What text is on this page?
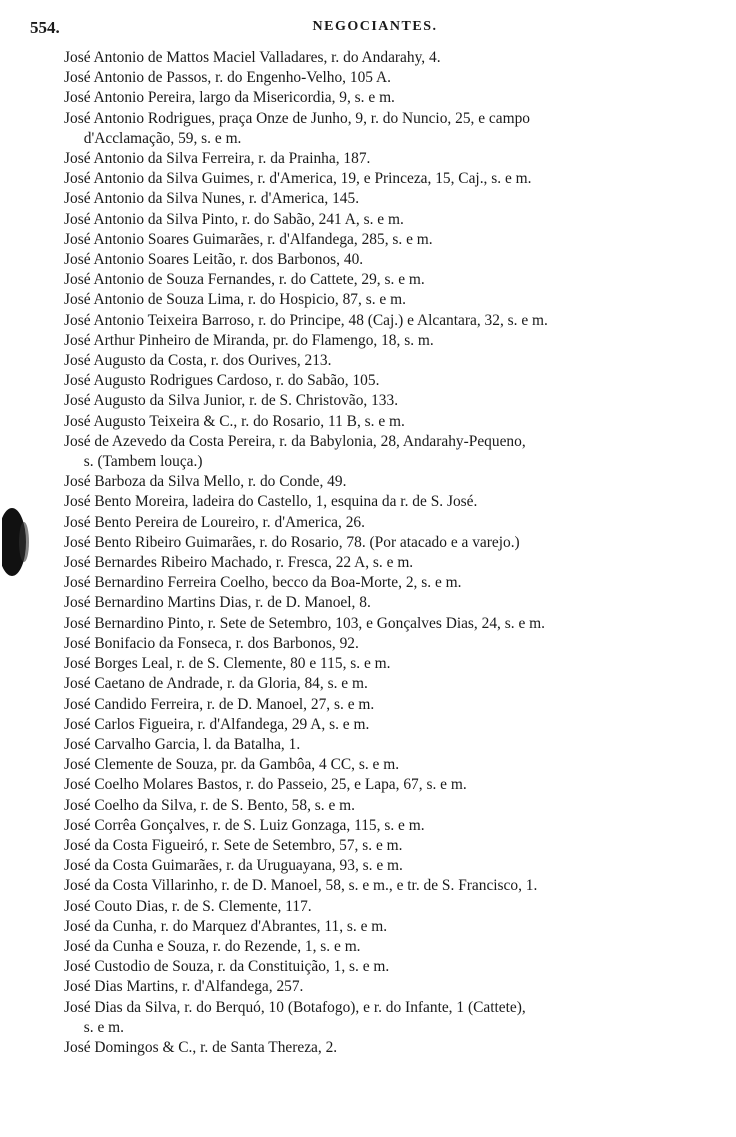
554.	NEGOCIANTES.
José Antonio de Mattos Maciel Valladares, r. do Andarahy, 4.
José Antonio de Passos, r. do Engenho-Velho, 105 A.
José Antonio Pereira, largo da Misericordia, 9, s. e m.
José Antonio Rodrigues, praça Onze de Junho, 9, r. do Nuncio, 25, e campo
d'Acclamação, 59, s. e m.
José Antonio da Silva Ferreira, r. da Prainha, 187.
José Antonio da Silva Guimes, r. d'America, 19, e Princeza, 15, Caj., s. e m.
José Antonio da Silva Nunes, r. d'America, 145.
José Antonio da Silva Pinto, r. do Sabão, 241 A, s. e m.
José Antonio Soares Guimarães, r. d'Alfandega, 285, s. e m.
José Antonio Soares Leitão, r. dos Barbonos, 40.
José Antonio de Souza Fernandes, r. do Cattete, 29, s. e m.
José Antonio de Souza Lima, r. do Hospicio, 87, s. e m.
José Antonio Teixeira Barroso, r. do Principe, 48 (Caj.) e Alcantara, 32, s. e m.
José Arthur Pinheiro de Miranda, pr. do Flamengo, 18, s. m.
José Augusto da Costa, r. dos Ourives, 213.
José Augusto Rodrigues Cardoso, r. do Sabão, 105.
José Augusto da Silva Junior, r. de S. Christovão, 133.
José Augusto Teixeira & C., r. do Rosario, 11 B, s. e m.
José de Azevedo da Costa Pereira, r. da Babylonia, 28, Andarahy-Pequeno,
s. (Tambem louça.)
José Barboza da Silva Mello, r. do Conde, 49.
José Bento Moreira, ladeira do Castello, 1, esquina da r. de S. José.
José Bento Pereira de Loureiro, r. d'America, 26.
José Bento Ribeiro Guimarães, r. do Rosario, 78. (Por atacado e a varejo.)
José Bernardes Ribeiro Machado, r. Fresca, 22 A, s. e m.
José Bernardino Ferreira Coelho, becco da Boa-Morte, 2, s. e m.
José Bernardino Martins Dias, r. de D. Manoel, 8.
José Bernardino Pinto, r. Sete de Setembro, 103, e Gonçalves Dias, 24, s. e m.
José Bonifacio da Fonseca, r. dos Barbonos, 92.
José Borges Leal, r. de S. Clemente, 80 e 115, s. e m.
José Caetano de Andrade, r. da Gloria, 84, s. e m.
José Candido Ferreira, r. de D. Manoel, 27, s. e m.
José Carlos Figueira, r. d'Alfandega, 29 A, s. e m.
José Carvalho Garcia, l. da Batalha, 1.
José Clemente de Souza, pr. da Gambôa, 4 CC, s. e m.
José Coelho Molares Bastos, r. do Passeio, 25, e Lapa, 67, s. e m.
José Coelho da Silva, r. de S. Bento, 58, s. e m.
José Corrêa Gonçalves, r. de S. Luiz Gonzaga, 115, s. e m.
José da Costa Figueiró, r. Sete de Setembro, 57, s. e m.
José da Costa Guimarães, r. da Uruguayana, 93, s. e m.
José da Costa Villarinho, r. de D. Manoel, 58, s. e m., e tr. de S. Francisco, 1.
José Couto Dias, r. de S. Clemente, 117.
José da Cunha, r. do Marquez d'Abrantes, 11, s. e m.
José da Cunha e Souza, r. do Rezende, 1, s. e m.
José Custodio de Souza, r. da Constituição, 1, s. e m.
José Dias Martins, r. d'Alfandega, 257.
José Dias da Silva, r. do Berquó, 10 (Botafogo), e r. do Infante, 1 (Cattete),
s. e m.
José Domingos & C., r. de Santa Thereza, 2.
